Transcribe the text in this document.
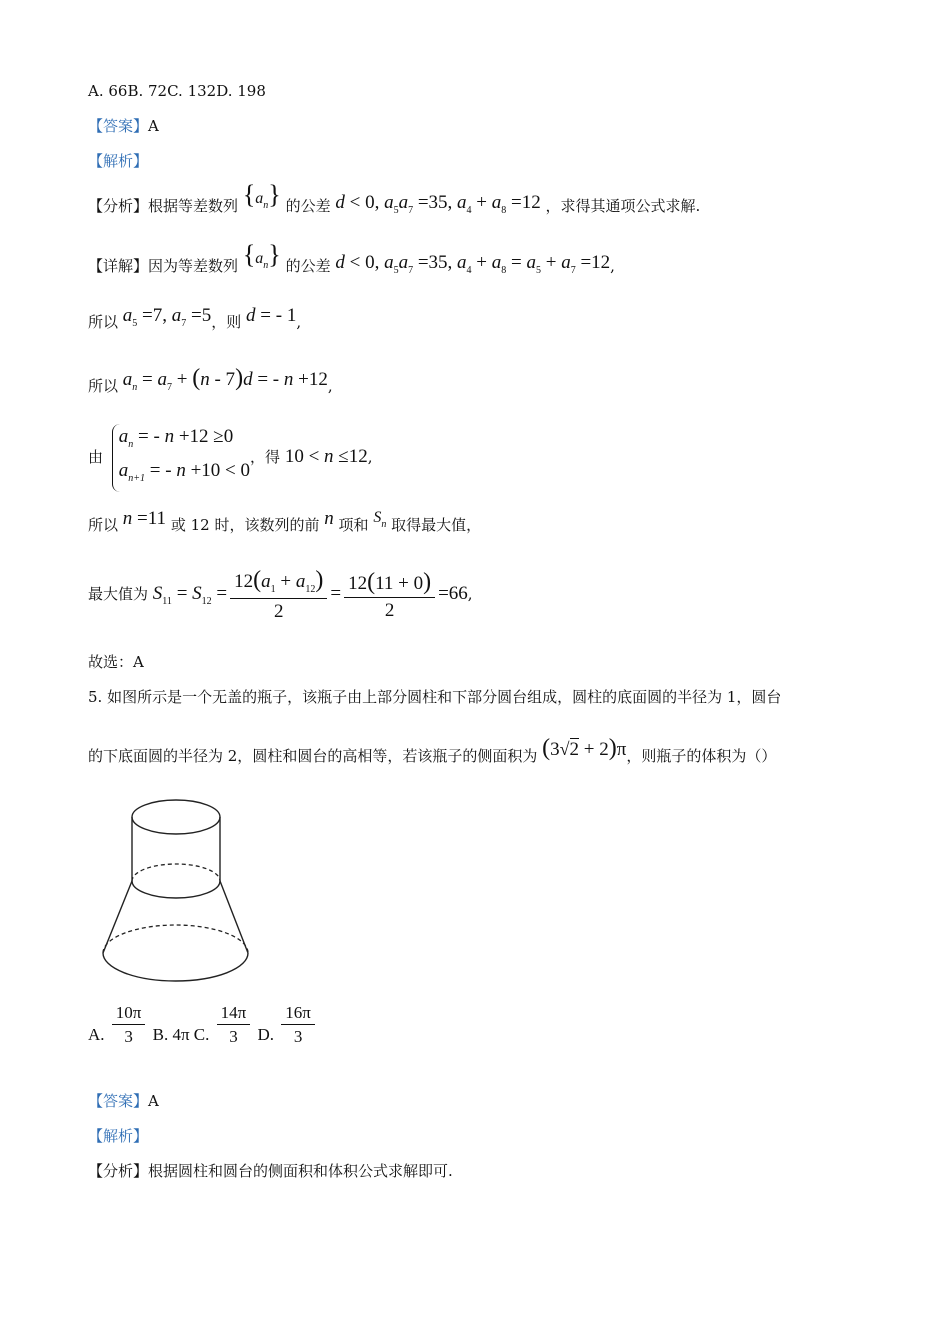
A. 66B. 72C. 132D. 198
【答案】A
【解析】
【分析】根据等差数列 $\{a_n\}$ 的公差 d < 0, $a_5a_7 =35$, $a_4 + a_8 =12$ ，求得其通项公式求解.
【详解】因为等差数列 $\{a_n\}$ 的公差 d < 0, $a_5a_7 =35$, $a_4 + a_8 = a_5 + a_7 =12$,
所以 $a_5 =7$, $a_7 =5$，则 d = - 1,
所以 $a_n = a_7 + (n - 7)d$ = - n +12,
由
$a_n$ = - n +12 ≥0
$a_{n+1}$ = - n +10 < 0
，得 10 < n ≤12,
所以 n =11 或 12 时，该数列的前 n 项和 $S_n$ 取得最大值，
最大值为 $S_{11} = S_{12} = \frac{12(a_1 + a_{12})}{2} = \frac{12(11 + 0)}{2} =66$,
故选：A
5. 如图所示是一个无盖的瓶子，该瓶子由上部分圆柱和下部分圆台组成，圆柱的底面圆的半径为 1，圆台
的下底面圆的半径为 2，圆柱和圆台的高相等，若该瓶子的侧面积为 (3√2 + 2)π，则瓶子的体积为（）
A. $\frac{10\pi}{3} B$. 4π C. $\frac{14\pi}{3} D$. $\frac{16\pi}{3}$
【答案】A
【解析】
【分析】根据圆柱和圆台的侧面积和体积公式求解即可.
